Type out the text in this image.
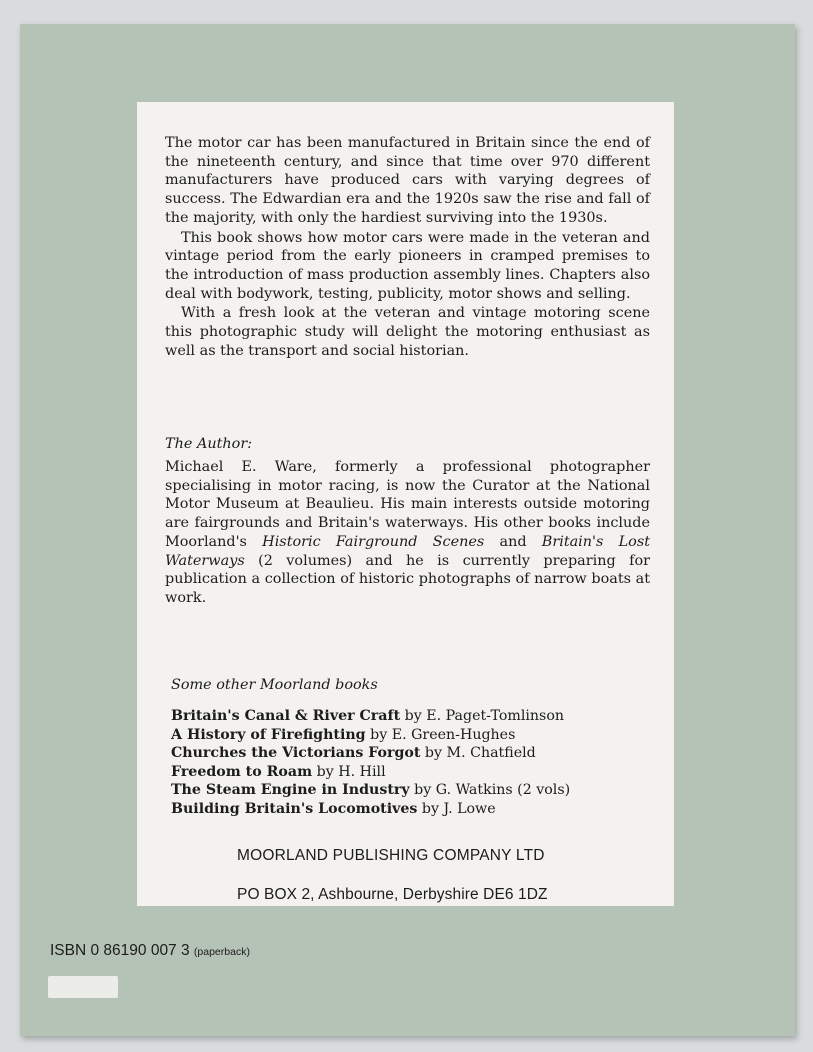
The motor car has been manufactured in Britain since the end of the nineteenth century, and since that time over 970 different manufacturers have produced cars with varying degrees of success. The Edwardian era and the 1920s saw the rise and fall of the majority, with only the hardiest surviving into the 1930s.

This book shows how motor cars were made in the veteran and vintage period from the early pioneers in cramped premises to the introduction of mass production assembly lines. Chapters also deal with bodywork, testing, publicity, motor shows and selling.

With a fresh look at the veteran and vintage motoring scene this photographic study will delight the motoring enthusiast as well as the transport and social historian.

The Author:

Michael E. Ware, formerly a professional photographer specialising in motor racing, is now the Curator at the National Motor Museum at Beaulieu. His main interests outside motoring are fairgrounds and Britain's waterways. His other books include Moorland's Historic Fairground Scenes and Britain's Lost Waterways (2 volumes) and he is currently preparing for publication a collection of historic photographs of narrow boats at work.

Some other Moorland books
Britain's Canal & River Craft by E. Paget-Tomlinson
A History of Firefighting by E. Green-Hughes
Churches the Victorians Forgot by M. Chatfield
Freedom to Roam by H. Hill
The Steam Engine in Industry by G. Watkins (2 vols)
Building Britain's Locomotives by J. Lowe
MOORLAND PUBLISHING COMPANY LTD
PO BOX 2, Ashbourne, Derbyshire DE6 1DZ
ISBN 0 86190 007 3 (paperback)
